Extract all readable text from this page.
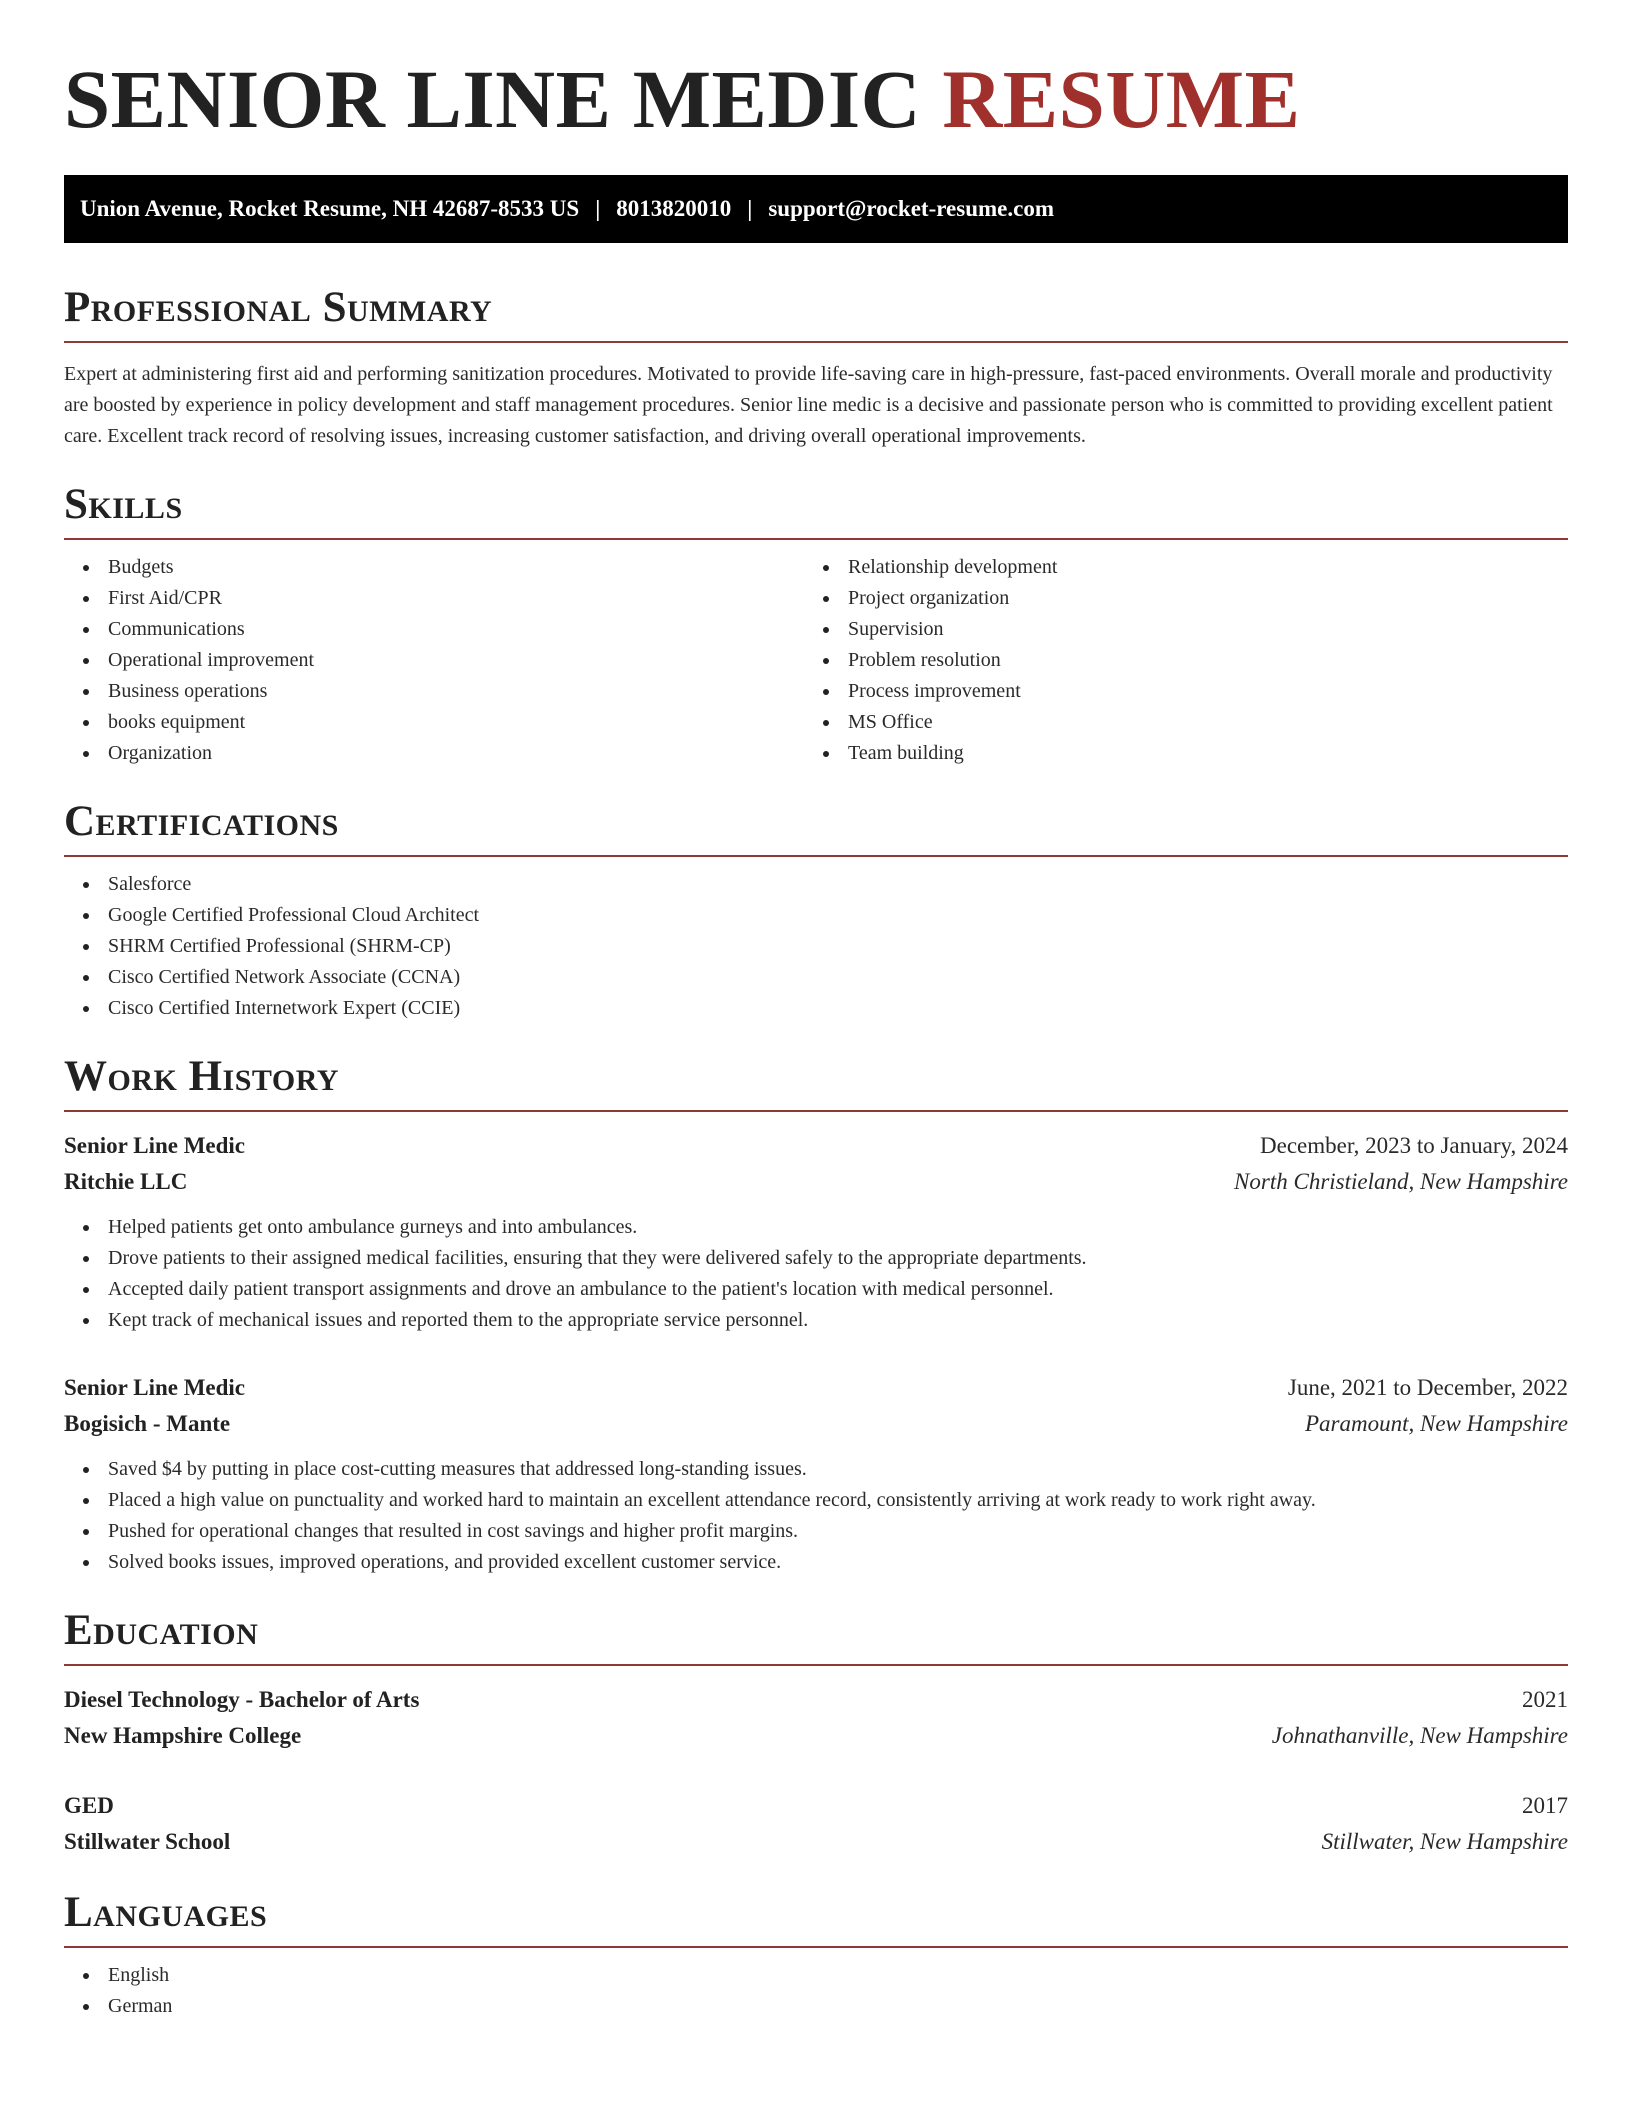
SENIOR LINE MEDIC RESUME
Union Avenue, Rocket Resume, NH 42687-8533 US | 8013820010 | support@rocket-resume.com
Professional Summary

Expert at administering first aid and performing sanitization procedures. Motivated to provide life-saving care in high-pressure, fast-paced environments. Overall morale and productivity are boosted by experience in policy development and staff management procedures. Senior line medic is a decisive and passionate person who is committed to providing excellent patient care. Excellent track record of resolving issues, increasing customer satisfaction, and driving overall operational improvements.

Skills
Budgets
First Aid/CPR
Communications
Operational improvement
Business operations
books equipment
Organization
Relationship development
Project organization
Supervision
Problem resolution
Process improvement
MS Office
Team building
Certifications
Salesforce
Google Certified Professional Cloud Architect
SHRM Certified Professional (SHRM-CP)
Cisco Certified Network Associate (CCNA)
Cisco Certified Internetwork Expert (CCIE)
Work History
Senior Line Medic	December, 2023 to January, 2024
Ritchie LLC	North Christieland, New Hampshire
Helped patients get onto ambulance gurneys and into ambulances.
Drove patients to their assigned medical facilities, ensuring that they were delivered safely to the appropriate departments.
Accepted daily patient transport assignments and drove an ambulance to the patient's location with medical personnel.
Kept track of mechanical issues and reported them to the appropriate service personnel.
Senior Line Medic	June, 2021 to December, 2022
Bogisich - Mante	Paramount, New Hampshire
Saved $4 by putting in place cost-cutting measures that addressed long-standing issues.
Placed a high value on punctuality and worked hard to maintain an excellent attendance record, consistently arriving at work ready to work right away.
Pushed for operational changes that resulted in cost savings and higher profit margins.
Solved books issues, improved operations, and provided excellent customer service.
Education
Diesel Technology - Bachelor of Arts	2021
New Hampshire College	Johnathanville, New Hampshire
GED	2017
Stillwater School	Stillwater, New Hampshire
Languages
English
German
